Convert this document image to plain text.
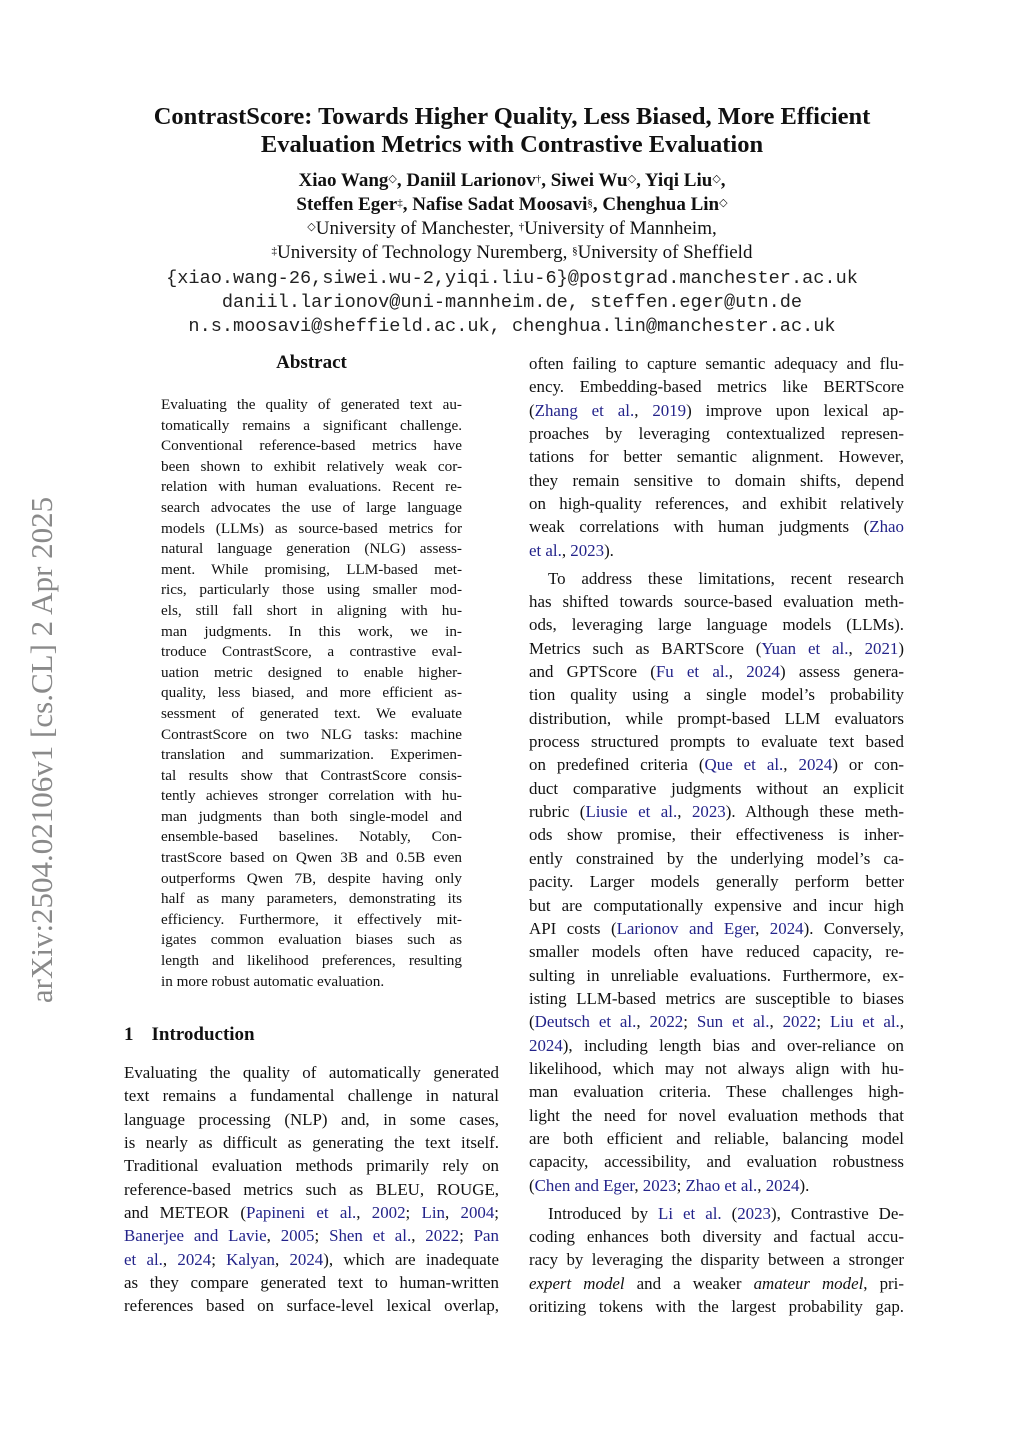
arXiv:2504.02106v1 [cs.CL] 2 Apr 2025
ContrastScore: Towards Higher Quality, Less Biased, More Efficient
Evaluation Metrics with Contrastive Evaluation
Xiao Wang◇, Daniil Larionov†, Siwei Wu◇, Yiqi Liu◇,
Steffen Eger‡, Nafise Sadat Moosavi§, Chenghua Lin◇
◇University of Manchester, †University of Mannheim,
‡University of Technology Nuremberg, §University of Sheffield
{xiao.wang-26,siwei.wu-2,yiqi.liu-6}@postgrad.manchester.ac.uk
daniil.larionov@uni-mannheim.de, steffen.eger@utn.de
n.s.moosavi@sheffield.ac.uk, chenghua.lin@manchester.ac.uk
Abstract
Evaluating the quality of generated text au-
tomatically remains a significant challenge.
Conventional reference-based metrics have
been shown to exhibit relatively weak cor-
relation with human evaluations. Recent re-
search advocates the use of large language
models (LLMs) as source-based metrics for
natural language generation (NLG) assess-
ment. While promising, LLM-based met-
rics, particularly those using smaller mod-
els, still fall short in aligning with hu-
man judgments. In this work, we in-
troduce ContrastScore, a contrastive eval-
uation metric designed to enable higher-
quality, less biased, and more efficient as-
sessment of generated text. We evaluate
ContrastScore on two NLG tasks: machine
translation and summarization. Experimen-
tal results show that ContrastScore consis-
tently achieves stronger correlation with hu-
man judgments than both single-model and
ensemble-based baselines. Notably, Con-
trastScore based on Qwen 3B and 0.5B even
outperforms Qwen 7B, despite having only
half as many parameters, demonstrating its
efficiency. Furthermore, it effectively mit-
igates common evaluation biases such as
length and likelihood preferences, resulting
in more robust automatic evaluation.
1 Introduction
Evaluating the quality of automatically generated
text remains a fundamental challenge in natural
language processing (NLP) and, in some cases,
is nearly as difficult as generating the text itself.
Traditional evaluation methods primarily rely on
reference-based metrics such as BLEU, ROUGE,
and METEOR (Papineni et al., 2002; Lin, 2004;
Banerjee and Lavie, 2005; Shen et al., 2022; Pan
et al., 2024; Kalyan, 2024), which are inadequate
as they compare generated text to human-written
references based on surface-level lexical overlap,
often failing to capture semantic adequacy and flu-
ency. Embedding-based metrics like BERTScore
(Zhang et al., 2019) improve upon lexical ap-
proaches by leveraging contextualized represen-
tations for better semantic alignment. However,
they remain sensitive to domain shifts, depend
on high-quality references, and exhibit relatively
weak correlations with human judgments (Zhao
et al., 2023).
To address these limitations, recent research
has shifted towards source-based evaluation meth-
ods, leveraging large language models (LLMs).
Metrics such as BARTScore (Yuan et al., 2021)
and GPTScore (Fu et al., 2024) assess genera-
tion quality using a single model’s probability
distribution, while prompt-based LLM evaluators
process structured prompts to evaluate text based
on predefined criteria (Que et al., 2024) or con-
duct comparative judgments without an explicit
rubric (Liusie et al., 2023). Although these meth-
ods show promise, their effectiveness is inher-
ently constrained by the underlying model’s ca-
pacity. Larger models generally perform better
but are computationally expensive and incur high
API costs (Larionov and Eger, 2024). Conversely,
smaller models often have reduced capacity, re-
sulting in unreliable evaluations. Furthermore, ex-
isting LLM-based metrics are susceptible to biases
(Deutsch et al., 2022; Sun et al., 2022; Liu et al.,
2024), including length bias and over-reliance on
likelihood, which may not always align with hu-
man evaluation criteria. These challenges high-
light the need for novel evaluation methods that
are both efficient and reliable, balancing model
capacity, accessibility, and evaluation robustness
(Chen and Eger, 2023; Zhao et al., 2024).
Introduced by Li et al. (2023), Contrastive De-
coding enhances both diversity and factual accu-
racy by leveraging the disparity between a stronger
expert model and a weaker amateur model, pri-
oritizing tokens with the largest probability gap.
